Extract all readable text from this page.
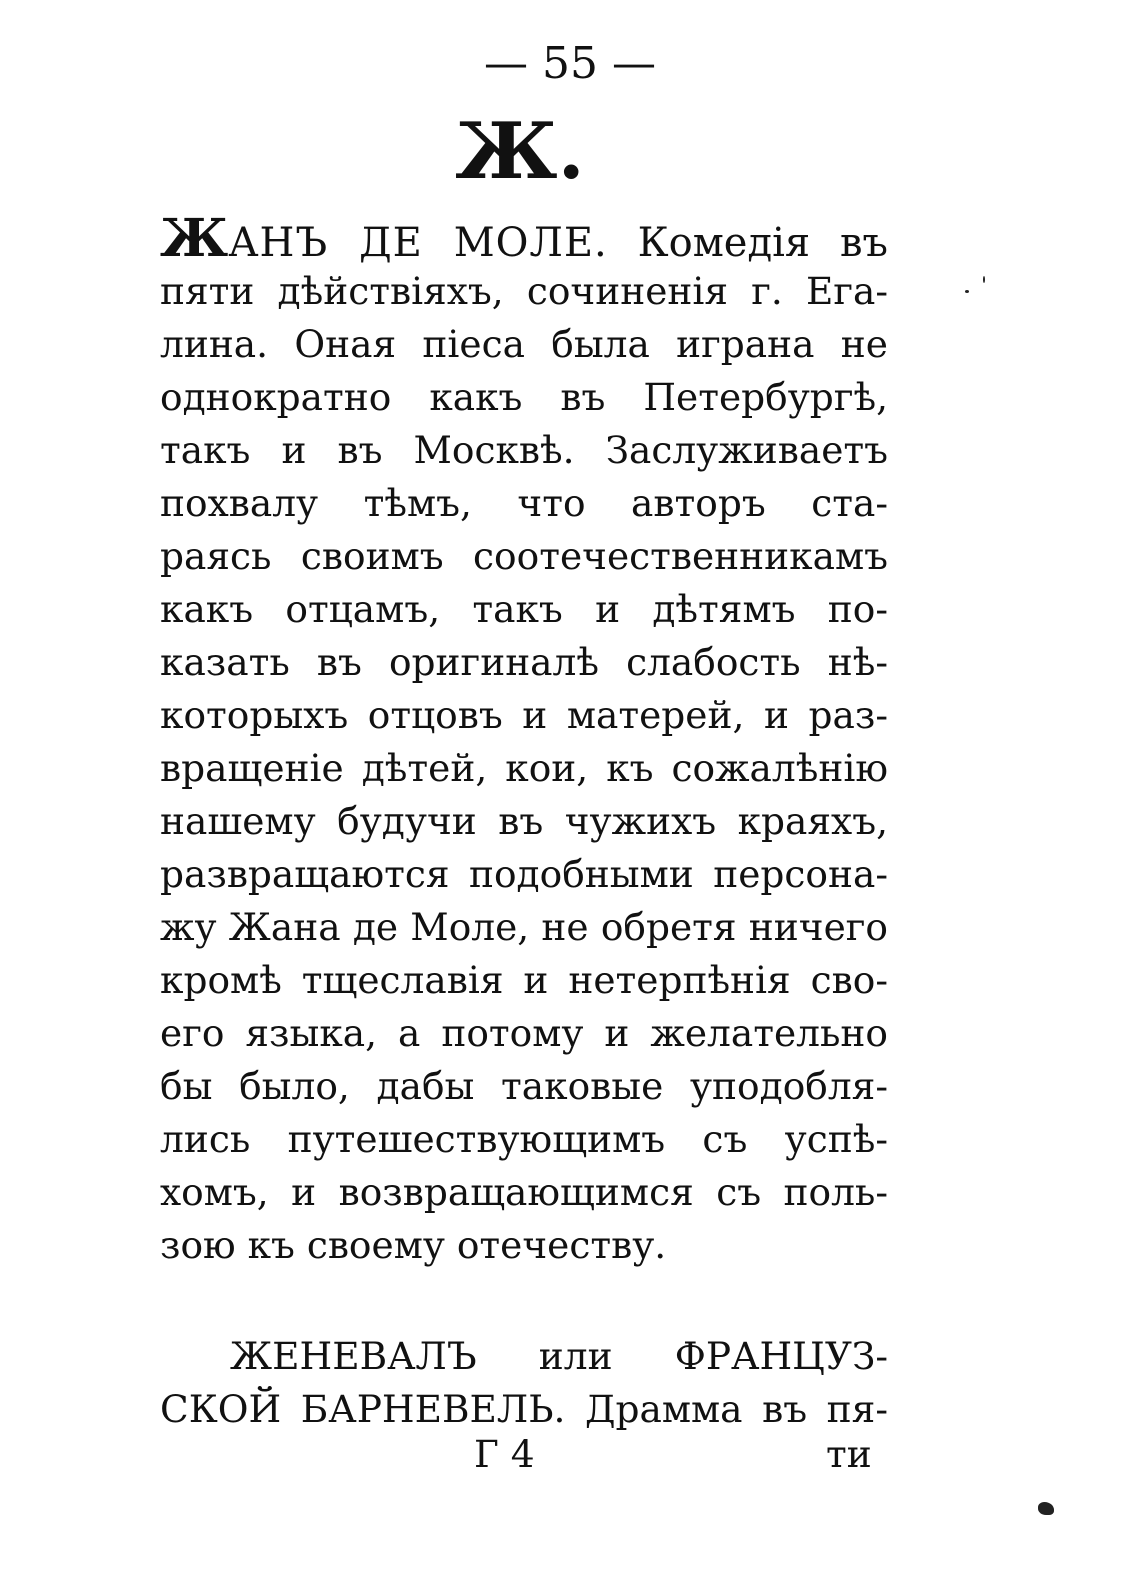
— 55 —
Ж.
ЖАНЪ ДЕ МОЛЕ. Комедія въ
пяти дѣйствіяхъ, сочиненія г. Ега-
лина. Оная піеса была играна не
однократно какъ въ Петербургѣ,
такъ и въ Москвѣ. Заслуживаетъ
похвалу тѣмъ, что авторъ ста-
раясь своимъ соотечественникамъ
какъ отцамъ, такъ и дѣтямъ по-
казать въ оригиналѣ слабость нѣ-
которыхъ отцовъ и матерей, и раз-
вращеніе дѣтей, кои, къ сожалѣнію
нашему будучи въ чужихъ краяхъ,
развращаются подобными персона-
жу Жана де Моле, не обретя ничего
кромѣ тщеславія и нетерпѣнія сво-
его языка, а потому и желательно
бы было, дабы таковые уподобля-
лись путешествующимъ съ успѣ-
хомъ, и возвращающимся съ поль-
зою къ своему отечеству.
ЖЕНЕВАЛЪ или ФРАНЦУЗ-
СКОЙ БАРНЕВЕЛЬ. Драмма въ пя-
Г 4	ти
